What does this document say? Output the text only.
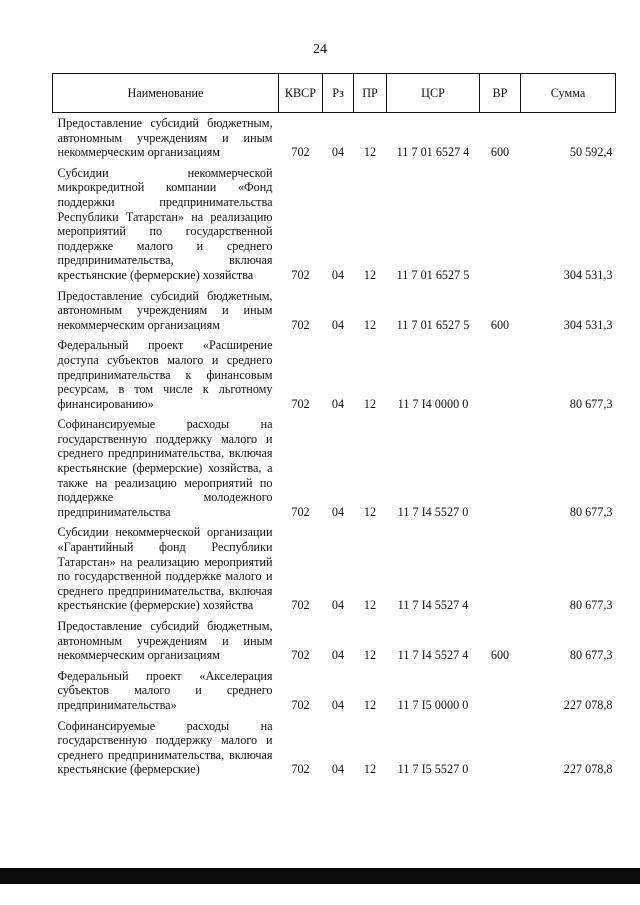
24
Наименование	КВСР	Рз	ПР	ЦСР	ВР	Сумма
Предоставление субсидий бюджетным, автономным учреждениям и иным некоммерческим организациям	702	04	12	11 7 01 6527 4	600	50 592,4
Субсидии некоммерческой микрокредитной компании «Фонд поддержки предпринимательства Республики Татарстан» на реализацию мероприятий по государственной поддержке малого и среднего предпринимательства, включая крестьянские (фермерские) хозяйства	702	04	12	11 7 01 6527 5		304 531,3
Предоставление субсидий бюджетным, автономным учреждениям и иным некоммерческим организациям	702	04	12	11 7 01 6527 5	600	304 531,3
Федеральный проект «Расширение доступа субъектов малого и среднего предпринимательства к финансовым ресурсам, в том числе к льготному финансированию»	702	04	12	11 7 I4 0000 0		80 677,3
Софинансируемые расходы на государственную поддержку малого и среднего предпринимательства, включая крестьянские (фермерские) хозяйства, а также на реализацию мероприятий по поддержке молодежного предпринимательства	702	04	12	11 7 I4 5527 0		80 677,3
Субсидии некоммерческой организации «Гарантийный фонд Республики Татарстан» на реализацию мероприятий по государственной поддержке малого и среднего предпринимательства, включая крестьянские (фермерские) хозяйства	702	04	12	11 7 I4 5527 4		80 677,3
Предоставление субсидий бюджетным, автономным учреждениям и иным некоммерческим организациям	702	04	12	11 7 I4 5527 4	600	80 677,3
Федеральный проект «Акселерация субъектов малого и среднего предпринимательства»	702	04	12	11 7 I5 0000 0		227 078,8
Софинансируемые расходы на государственную поддержку малого и среднего предпринимательства, включая крестьянские (фермерские)	702	04	12	11 7 I5 5527 0		227 078,8
